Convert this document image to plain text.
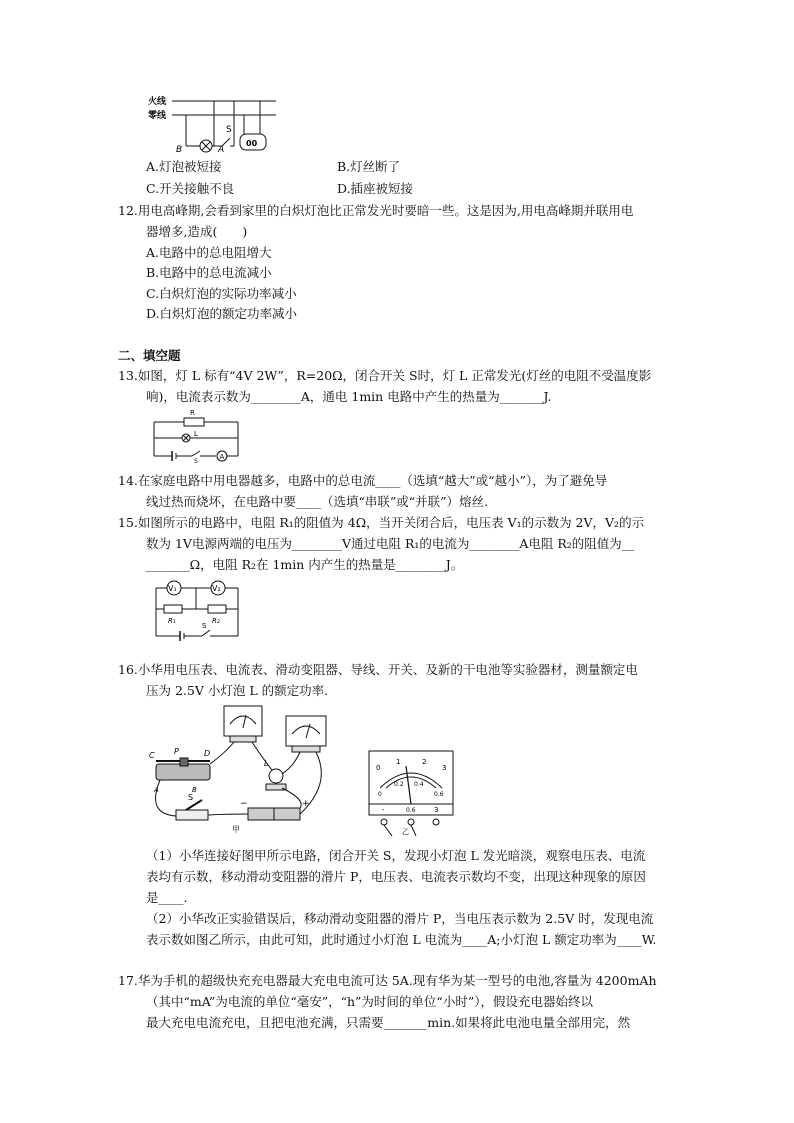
火线
零线
B	A
S
00
A.灯泡被短接	B.灯丝断了
C.开关接触不良	D.插座被短接
12.用电高峰期,会看到家里的白炽灯泡比正常发光时要暗一些。这是因为,用电高峰期并联用电
器增多,造成(　　)
A.电路中的总电阻增大
B.电路中的总电流减小
C.白炽灯泡的实际功率减小
D.白炽灯泡的额定功率减小
二、填空题
13.如图，灯 L 标有“4V 2W”，R=20Ω，闭合开关 S时，灯 L 正常发光(灯丝的电阻不受温度影
响)，电流表示数为________A，通电 1min 电路中产生的热量为_______J.
R
L
S
A
14.在家庭电路中用电器越多，电路中的总电流____（选填“越大”或“越小”），为了避免导
线过热而烧坏，在电路中要____（选填“串联”或“并联”）熔丝.
15.如图所示的电路中，电阻 R₁的阻值为 4Ω，当开关闭合后，电压表 V₁的示数为 2V，V₂的示
数为 1V电源两端的电压为________V通过电阻 R₁的电流为________A电阻 R₂的阻值为__
_______Ω，电阻 R₂在 1min 内产生的热量是________J。
V₁	V₂
R₁	R₂
S
16.小华用电压表、电流表、滑动变阻器、导线、开关、及新的干电池等实验器材，测量额定电
压为 2.5V 小灯泡 L 的额定功率.
C P	D
A	B
L
S
−	+
甲
0
1	2
3
0
0.2 0.4
0.6
-	0.6	3
乙
（1）小华连接好图甲所示电路，闭合开关 S，发现小灯泡 L 发光暗淡，观察电压表、电流
表均有示数，移动滑动变阻器的滑片 P，电压表、电流表示数均不变，出现这种现象的原因
是____.
（2）小华改正实验错误后，移动滑动变阻器的滑片 P，当电压表示数为 2.5V 时，发现电流
表示数如图乙所示，由此可知，此时通过小灯泡 L 电流为____A;小灯泡 L 额定功率为____W.
17.华为手机的超级快充充电器最大充电电流可达 5A.现有华为某一型号的电池,容量为 4200mAh
（其中“mA”为电流的单位“毫安”，“h”为时间的单位“小时”），假设充电器始终以
最大充电电流充电，且把电池充满，只需要_______min.如果将此电池电量全部用完，然
